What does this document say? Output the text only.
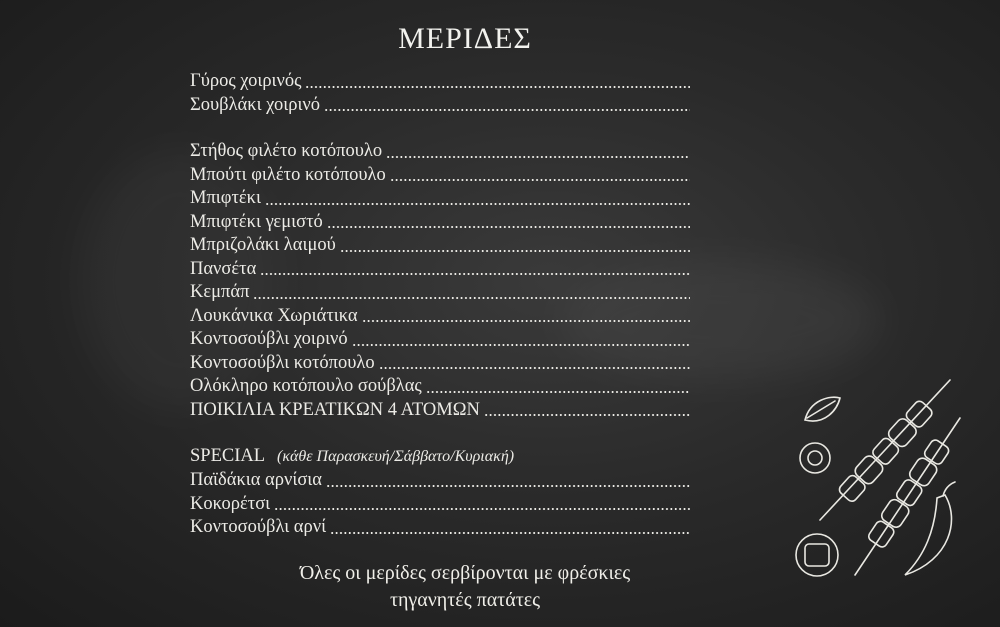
ΜΕΡΙΔΕΣ
Γύρος χοιρινός
Σουβλάκι χοιρινό
Στήθος φιλέτο κοτόπουλο
Μπούτι φιλέτο κοτόπουλο
Μπιφτέκι
Μπιφτέκι γεμιστό
Μπριζολάκι λαιμού
Πανσέτα
Κεμπάπ
Λουκάνικα Χωριάτικα
Κοντοσούβλι χοιρινό
Κοντοσούβλι κοτόπουλο
Ολόκληρο κοτόπουλο σούβλας
ΠΟΙΚΙΛΙΑ ΚΡΕΑΤΙΚΩΝ 4 ΑΤΟΜΩΝ
SPECIAL (κάθε Παρασκευή/Σάββατο/Κυριακή)
Παϊδάκια αρνίσια
Κοκορέτσι
Κοντοσούβλι αρνί
Όλες οι μερίδες σερβίρονται με φρέσκιες
τηγανητές πατάτες
